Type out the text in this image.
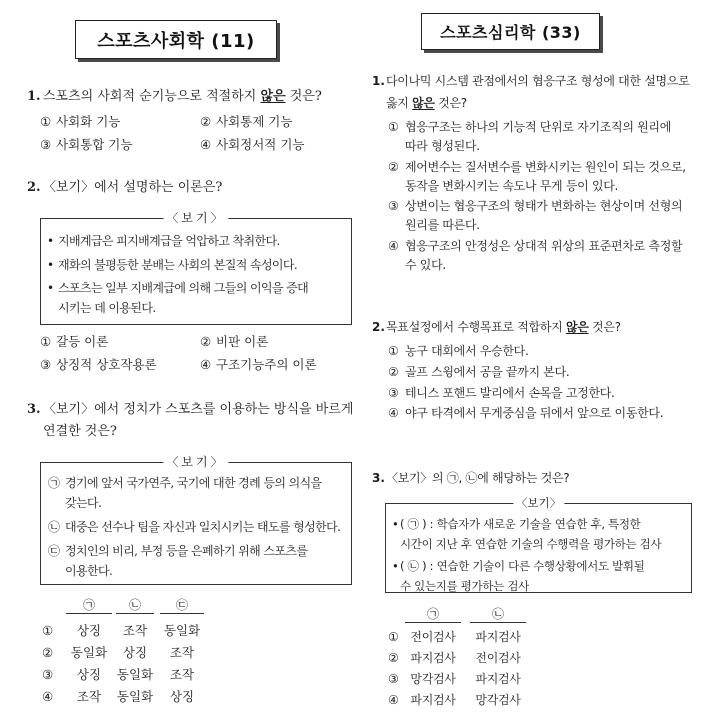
스포츠사회학 (11)
1. 스포츠의 사회적 순기능으로 적절하지 않은 것은?
① 사회화 기능	② 사회통제 기능
③ 사회통합 기능	④ 사회정서적 기능
2. 〈보기〉에서 설명하는 이론은?
〈보기〉
• 지배계급은 피지배계급을 억압하고 착취한다.
• 재화의 불평등한 분배는 사회의 본질적 속성이다.
• 스포츠는 일부 지배계급에 의해 그들의 이익을 증대
시키는 데 이용된다.
① 갈등 이론	② 비판 이론
③ 상징적 상호작용론	④ 구조기능주의 이론
3. 〈보기〉에서 정치가 스포츠를 이용하는 방식을 바르게
연결한 것은?
〈보기〉
㉠ 경기에 앞서 국가연주, 국기에 대한 경례 등의 의식을
갖는다.
㉡ 대중은 선수나 팀을 자신과 일치시키는 태도를 형성한다.
㉢ 정치인의 비리, 부정 등을 은폐하기 위해 스포츠를
이용한다.
㉠	㉡	㉢
①	상징	조작	동일화
②	동일화	상징	조작
③	상징	동일화	조작
④	조작	동일화	상징
스포츠심리학 (33)
1. 다이나믹 시스템 관점에서의 협응구조 형성에 대한 설명으로
옳지 않은 것은?
① 협응구조는 하나의 기능적 단위로 자기조직의 원리에
따라 형성된다.
② 제어변수는 질서변수를 변화시키는 원인이 되는 것으로,
동작을 변화시키는 속도나 무게 등이 있다.
③ 상변이는 협응구조의 형태가 변화하는 현상이며 선형의
원리를 따른다.
④ 협응구조의 안정성은 상대적 위상의 표준편차로 측정할
수 있다.
2. 목표설정에서 수행목표로 적합하지 않은 것은?
① 농구 대회에서 우승한다.
② 골프 스윙에서 공을 끝까지 본다.
③ 테니스 포핸드 발리에서 손목을 고정한다.
④ 야구 타격에서 무게중심을 뒤에서 앞으로 이동한다.
3. 〈보기〉의 ㉠, ㉡에 해당하는 것은?
〈보기〉
• ( ㉠ ) : 학습자가 새로운 기술을 연습한 후, 특정한
시간이 지난 후 연습한 기술의 수행력을 평가하는 검사
• ( ㉡ ) : 연습한 기술이 다른 수행상황에서도 발휘될
수 있는지를 평가하는 검사
㉠	㉡
① 전이검사	파지검사
② 파지검사	전이검사
③ 망각검사	파지검사
④ 파지검사	망각검사
